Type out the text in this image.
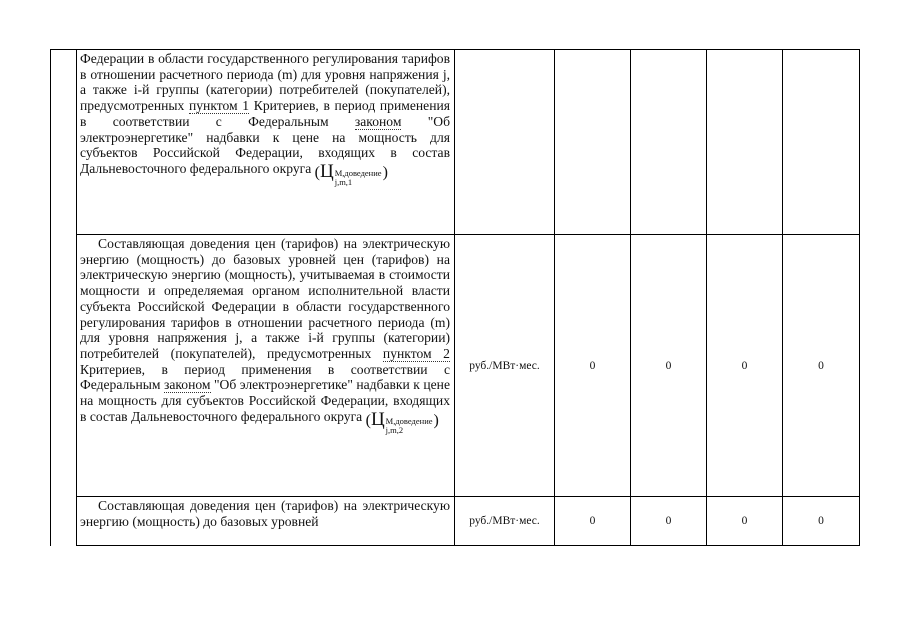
	Федерации в области государственного регулирования тарифов в отношении расчетного периода (m) для уровня напряжения j, а также i-й группы (категории) потребителей (покупателей), предусмотренных пунктом 1 Критериев, в период применения в соответствии с Федеральным законом "Об электроэнергетике" надбавки к цене на мощность для субъектов Российской Федерации, входящих в состав Дальневосточного федерального округа (Ц М,доведение
j,m,1
)					
	Составляющая доведения цен (тарифов) на электрическую энергию (мощность) до базовых уровней цен (тарифов) на электрическую энергию (мощность), учитываемая в стоимости мощности и определяемая органом исполнительной власти субъекта Российской Федерации в области государственного регулирования тарифов в отношении расчетного периода (m) для уровня напряжения j, а также i-й группы (категории) потребителей (покупателей), предусмотренных пунктом 2 Критериев, в период применения в соответствии с Федеральным законом "Об электроэнергетике" надбавки к цене на мощность для субъектов Российской Федерации, входящих в состав Дальневосточного федерального округа (Ц М,доведение
j,m,2
)	руб./МВт·мес.	0	0	0	0
	Составляющая доведения цен (тарифов) на электрическую энергию (мощность) до базовых уровней	руб./МВт·мес.	0	0	0	0
